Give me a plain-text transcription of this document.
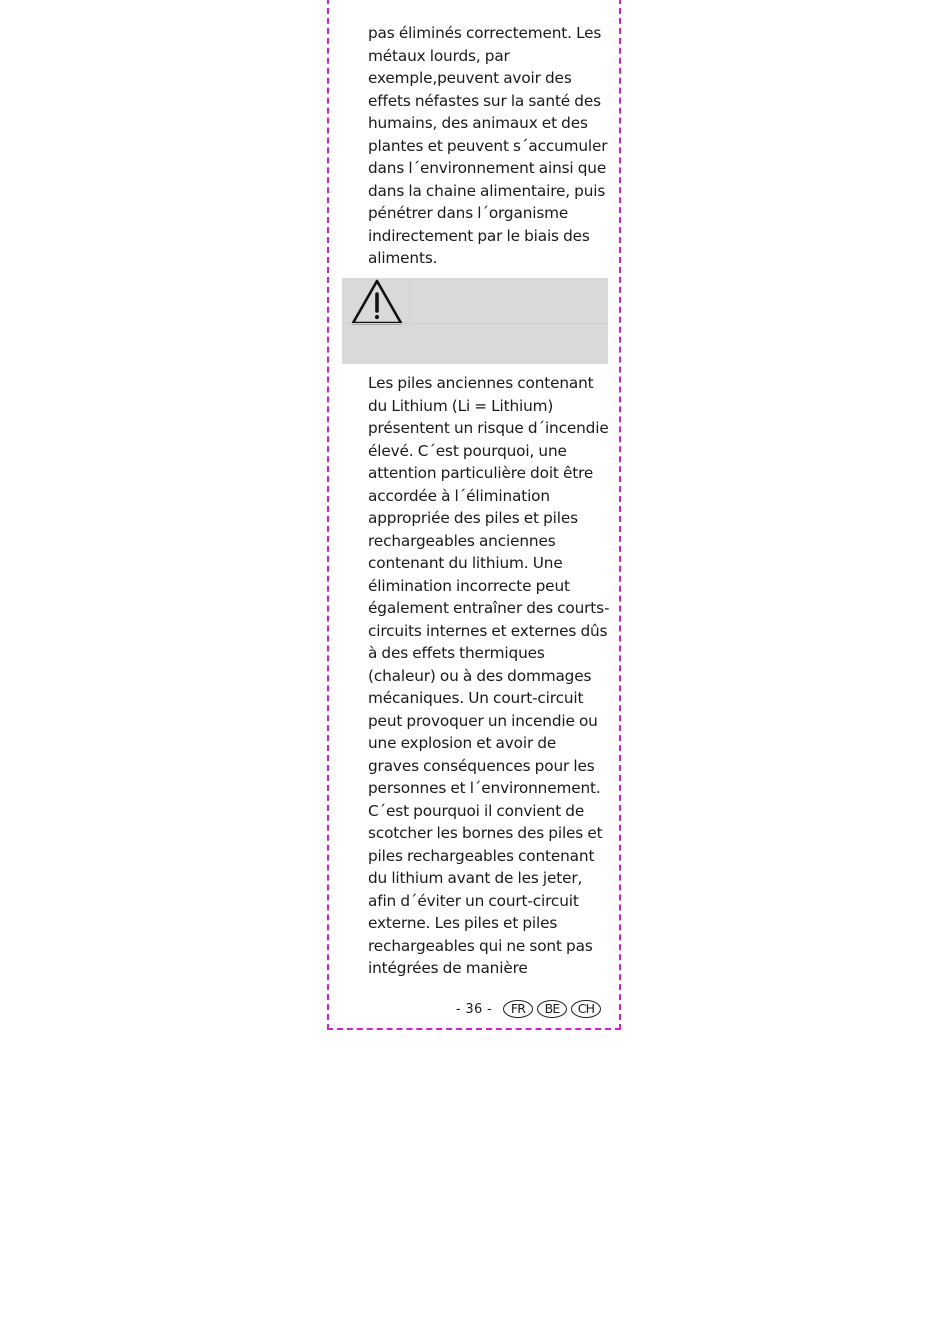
pas éliminés correctement. Les
métaux lourds, par
exemple,peuvent avoir des
effets néfastes sur la santé des
humains, des animaux et des
plantes et peuvent s´accumuler
dans l´environnement ainsi que
dans la chaine alimentaire, puis
pénétrer dans l´organisme
indirectement par le biais des
aliments.
Les piles anciennes contenant
du Lithium (Li = Lithium)
présentent un risque d´incendie
élevé. C´est pourquoi, une
attention particulière doit être
accordée à l´élimination
appropriée des piles et piles
rechargeables anciennes
contenant du lithium. Une
élimination incorrecte peut
également entraîner des courts-
circuits internes et externes dûs
à des effets thermiques
(chaleur) ou à des dommages
mécaniques. Un court-circuit
peut provoquer un incendie ou
une explosion et avoir de
graves conséquences pour les
personnes et l´environnement.
C´est pourquoi il convient de
scotcher les bornes des piles et
piles rechargeables contenant
du lithium avant de les jeter,
afin d´éviter un court-circuit
externe. Les piles et piles
rechargeables qui ne sont pas
intégrées de manière
- 36 -	FR	BE	CH
